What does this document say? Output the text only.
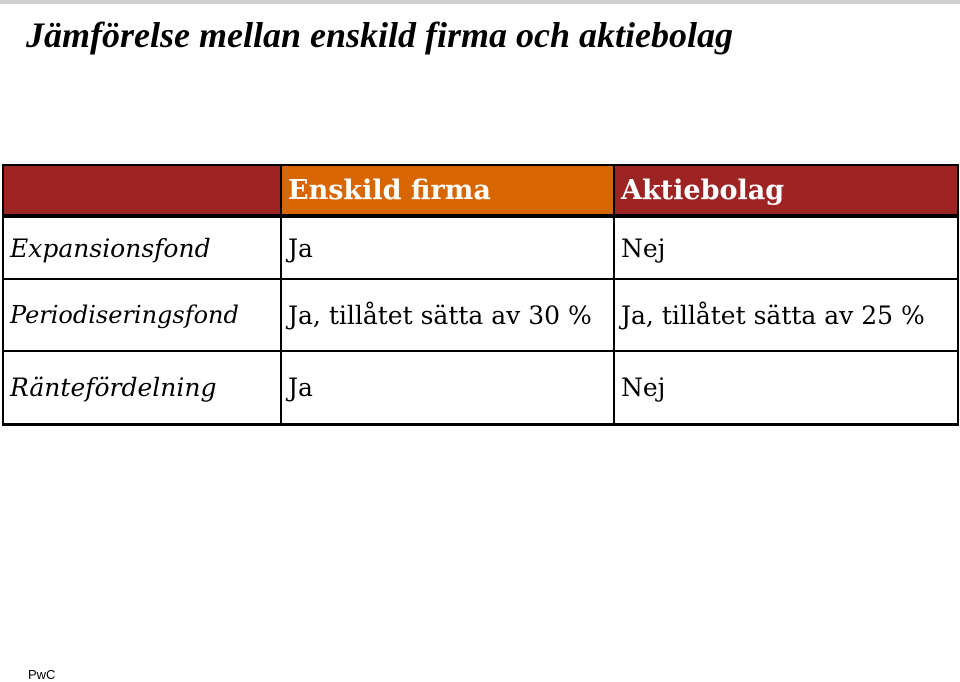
Jämförelse mellan enskild firma och aktiebolag
	Enskild firma	Aktiebolag
Expansionsfond	Ja	Nej
Periodiseringsfond	Ja, tillåtet sätta av 30 %	Ja, tillåtet sätta av 25 %
Räntefördelning	Ja	Nej
PwC
